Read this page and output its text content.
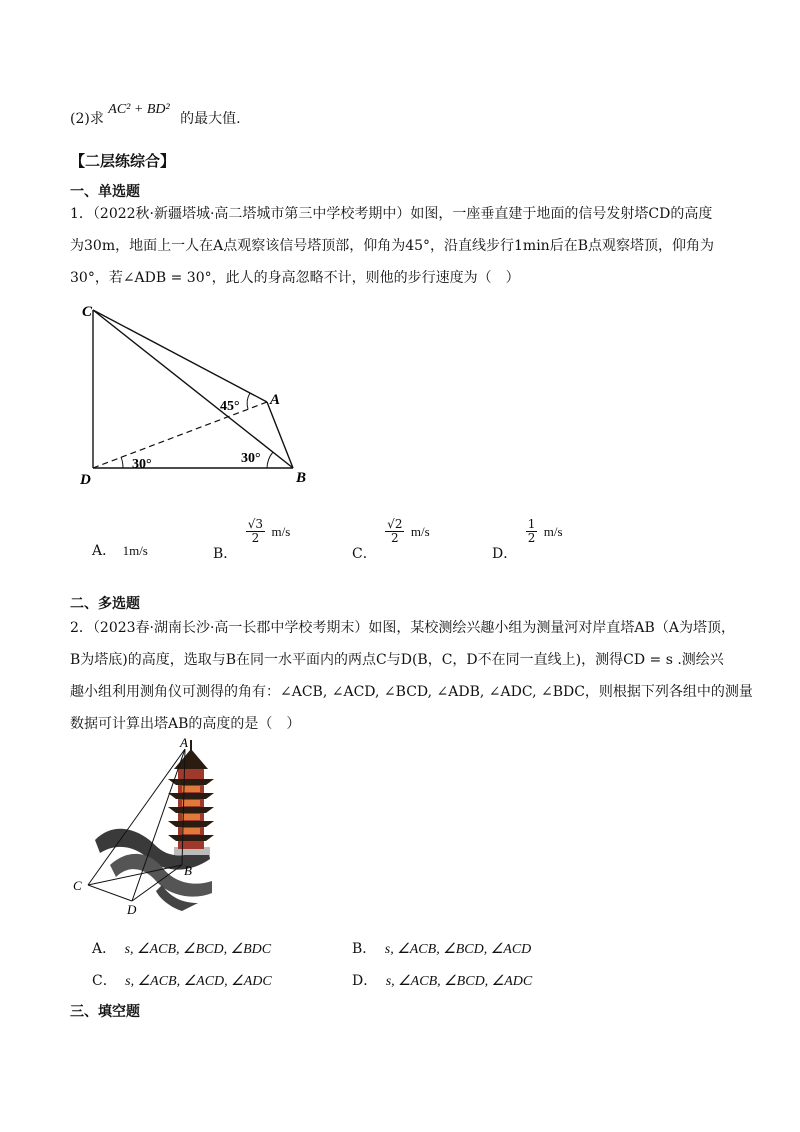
(2)求 AC² + BD² 的最大值.
【二层练综合】
一、单选题
1．（2022秋·新疆塔城·高二塔城市第三中学校考期中）如图，一座垂直建于地面的信号发射塔CD的高度
为30m，地面上一人在A点观察该信号塔顶部，仰角为45°，沿直线步行1min后在B点观察塔顶，仰角为
30°，若∠ADB = 30°，此人的身高忽略不计，则他的步行速度为（　）
C
D	B
A
45°
30°	30°
A． 1m/s	B．
$\frac{√3}{2} m/s$
C．
$\frac{√2}{2} m/s$
D．
$\frac{1}{2} m/s$
二、多选题
2．（2023春·湖南长沙·高一长郡中学校考期末）如图，某校测绘兴趣小组为测量河对岸直塔AB（A为塔顶，
B为塔底)的高度，选取与B在同一水平面内的两点C与D(B，C，D不在同一直线上)，测得CD = s .测绘兴
趣小组利用测角仪可测得的角有：∠ACB, ∠ACD, ∠BCD, ∠ADB, ∠ADC, ∠BDC，则根据下列各组中的测量
数据可计算出塔AB的高度的是（　）
A
B
C
D
A． s, ∠ACB, ∠BCD, ∠BDC	B． s, ∠ACB, ∠BCD, ∠ACD
C． s, ∠ACB, ∠ACD, ∠ADC	D． s, ∠ACB, ∠BCD, ∠ADC
三、填空题
